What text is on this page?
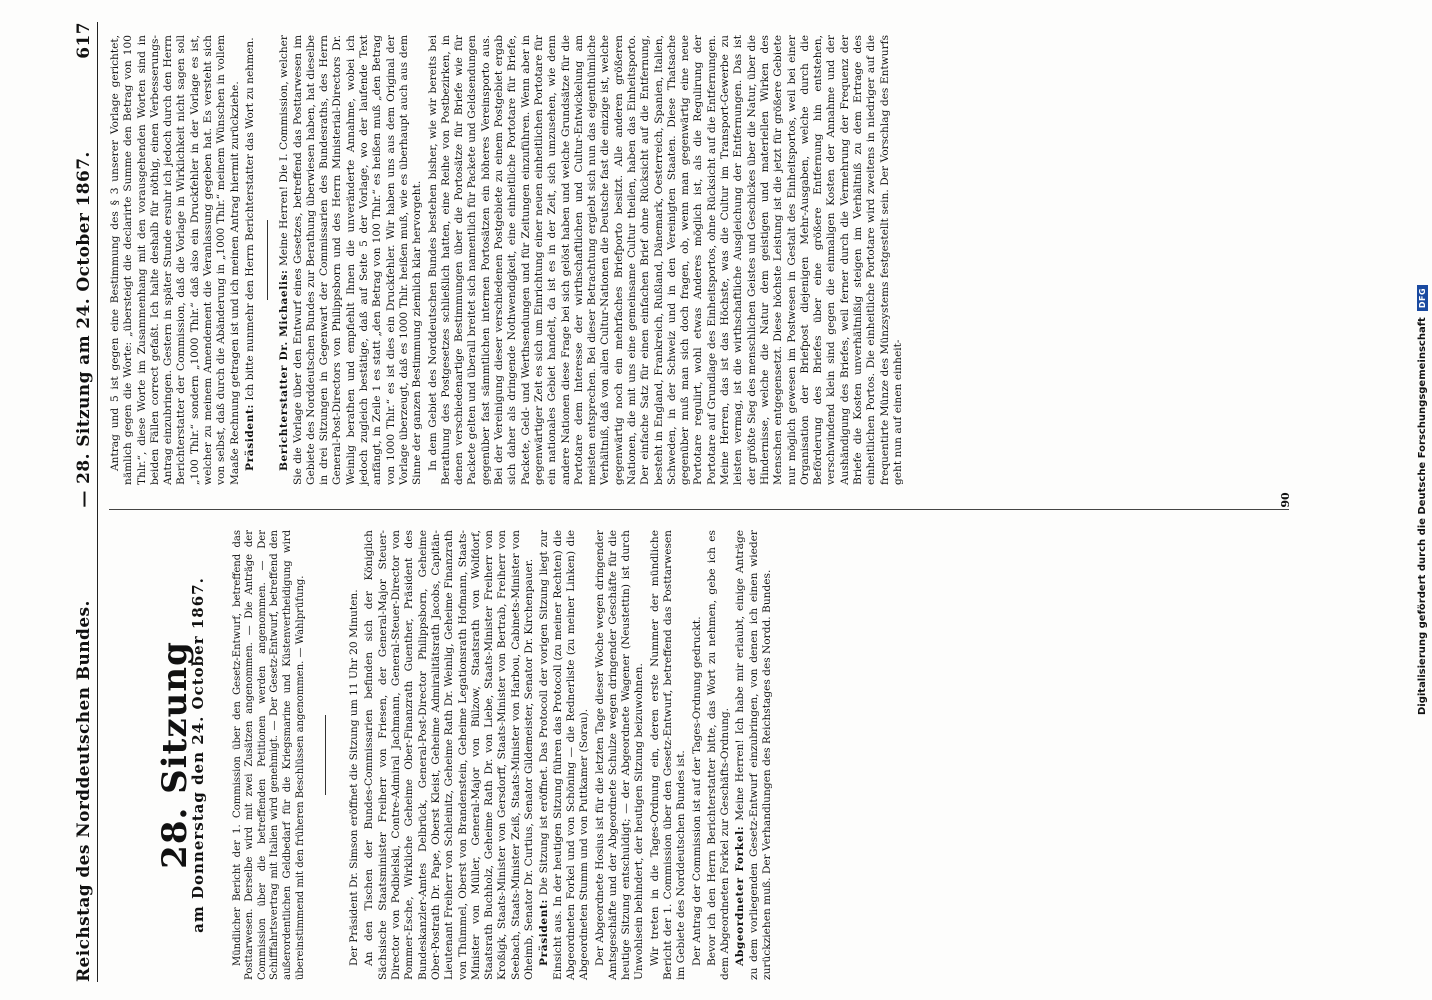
Reichstag des Norddeutschen Bundes.
— 28. Sitzung am 24. October 1867.
617
28. Sitzung
am Donnerstag den 24. October 1867. Mündlicher Bericht der 1. Commission über den Gesetz-Entwurf, betreffend das Posttarwesen. Derselbe wird mit zwei Zusätzen angenommen. — Die Anträge der Commission über die betreffenden Petitionen werden angenommen. — Der Schifffahrtsvertrag mit Italien wird genehmigt. — Der Gesetz-Entwurf, betreffend den außerordentlichen Geldbedarf für die Kriegsmarine und Küstenvertheidigung wird übereinstimmend mit den früheren Beschlüssen angenommen. — Wahlprüfung.	Der Präsident Dr. Simson eröffnet die Sitzung um 11 Uhr 20 Minuten. An den Tischen der Bundes-Commissarien befinden sich der Königlich Sächsische Staatsminister Freiherr von Friesen, der General-Major Steuer-Director von Podbielski, Contre-Admiral Jachmann, General-Steuer-Director von Pommer-Esche, Wirkliche Geheime Ober-Finanzrath Guenther, Präsident des Bundeskanzler-Amtes Delbrück, General-Post-Director Philippsborn, Geheime Ober-Postrath Dr. Pape, Oberst Kleist, Geheime Admiralitätsrath Jacobs, Capitän-Lieutenant Freiherr von Schleinitz, Geheime Rath Dr. Weinlig, Geheime Finanzrath von Thümmel, Oberst von Brandenstein, Geheime Legationsrath Hofmann, Staats-Minister von Müller, General-Major von Bülzow, Staatsrath von Wolfdorf, Staatsrath Buchholz, Geheime Rath Dr. von Liebe, Staats-Minister Freiherr von Kroßigk, Staats-Minister von Gersdorff, Staats-Minister von Bertrab, Freiherr von Seebach, Staats-Minister Zeiß, Staats-Minister von Harbou, Cabinets-Minister von Oheimb, Senator Dr. Curtius, Senator Gildemeister, Senator Dr. Kirchenpauer. Präsident: Die Sitzung ist eröffnet. Das Protocoll der vorigen Sitzung liegt zur Einsicht aus. In der heutigen Sitzung führen das Protocoll (zu meiner Rechten) die Abgeordneten Forkel und von Schöning — die Rednerliste (zu meiner Linken) die Abgeordneten Stumm und von Puttkamer (Sorau). Der Abgeordnete Hosius ist für die letzten Tage dieser Woche wegen dringender Amtsgeschäfte und der Abgeordnete Schulze wegen dringender Geschäfte für die heutige Sitzung entschuldigt; — der Abgeordnete Wagener (Neustettin) ist durch Unwohlsein behindert, der heutigen Sitzung beizuwohnen. Wir treten in die Tages-Ordnung ein, deren erste Nummer der mündliche Bericht der 1. Commission über den Gesetz-Entwurf, betreffend das Posttarwesen im Gebiete des Norddeutschen Bundes ist. Der Antrag der Commission ist auf der Tages-Ordnung gedruckt. Bevor ich den Herrn Berichterstatter bitte, das Wort zu nehmen, gebe ich es dem Abgeordneten Forkel zur Geschäfts-Ordnung. Abgeordneter Forkel: Meine Herren! Ich habe mir erlaubt, einige Anträge zu dem vorliegenden Gesetz-Entwurf einzubringen, von denen ich einen wieder zurückziehen muß. Der Verhandlungen des Reichstages des Nordd. Bundes.

Antrag und 5 ist gegen eine Bestimmung des § 3 unserer Vorlage gerichtet, nämlich gegen die Worte: „übersteigt die declarirte Summe den Betrag von 100 Thlr.“, diese Worte im Zusammenhang mit den vorausgehenden Worten sind in beiden Fällen correct gefaßt. Ich halte deshalb für nöthig, einen Verbesserungs-Antrag einzubringen. Gestern in später Stunde ersuhr ich jedoch durch den Herrn Berichterstatter der Commission, daß die Vorlage in Wirklichkeit nicht sagen soll „100 Thlr.“ sondern „1000 Thlr.“ daß also ein Druckfehler in der Vorlage es ist, welcher zu meinem Amendement die Veranlassung gegeben hat. Es versteht sich von selbst, daß durch die Abänderung in „1000 Thlr.“ meinem Wünschen in vollem Maaße Rechnung getragen ist und ich meinen Antrag hiermit zurückziehe. Präsident: Ich bitte nunmehr den Herrn Berichterstatter das Wort zu nehmen. Berichterstatter Dr. Michaelis: Meine Herren! Die I. Commission, welcher Sie die Vorlage über den Entwurf eines Gesetzes, betreffend das Posttarwesen im Gebiete des Norddeutschen Bundes zur Berathung überwiesen haben, hat dieselbe in drei Sitzungen in Gegenwart der Commissarien des Bundesraths, des Herrn General-Post-Directors von Philippsborn und des Herrn Ministerial-Directors Dr. Weinlig berathen und empfiehlt Ihnen die unveränderte Annahme, wobei ich jedoch zugleich bestätige, daß auf Seite 5 der Vorlage, wo der laufende Text anfängt, in Zeile 1 es statt „den Betrag von 100 Thlr.“ es heißen muß „den Betrag von 1000 Thlr.“ es ist dies ein Druckfehler. Wir haben uns aus dem Original der Vorlage überzeugt, daß es 1000 Thlr. heißen muß, wie es überhaupt auch aus dem Sinne der ganzen Bestimmung ziemlich klar hervorgeht. In dem Gebiet des Norddeutschen Bundes bestehen bisher, wie wir bereits bei Berathung des Postgesetzes schließlich hatten, eine Reihe von Postbezirken, in denen verschiedenartige Bestimmungen über die Portosätze für Briefe wie für Packete gelten und überall breitet sich namentlich für Packete und Geldsendungen gegenüber fast sämmtlichen internen Portosätzen ein höheres Vereinsporto aus. Bei der Vereinigung dieser verschiedenen Postgebiete zu einem Postgebiet ergab sich daher als dringende Nothwendigkeit, eine einheitliche Portotare für Briefe, Packete, Geld- und Werthsendungen und für Zeitungen einzuführen. Wenn aber in gegenwärtiger Zeit es sich um Einrichtung einer neuen einheitlichen Portotare für ein nationales Gebiet handelt, da ist es in der Zeit, sich umzusehen, wie denn andere Nationen diese Frage bei sich gelöst haben und welche Grundsätze für die Portotare dem Interesse der wirthschaftlichen und Cultur-Entwickelung am meisten entsprechen. Bei dieser Betrachtung ergiebt sich nun das eigenthümliche Verhältniß, daß von allen Cultur-Nationen die Deutsche fast die einzige ist, welche gegenwärtig noch ein mehrfaches Briefporto besitzt. Alle anderen größeren Nationen, die mit uns eine gemeinsame Cultur theilen, haben das Einheitsporto. Der einfache Satz für einen einfachen Brief ohne Rücksicht auf die Entfernung, besteht in England, Frankreich, Rußland, Dänemark, Oesterreich, Spanien, Italien, Schweden, in der Schweiz und in den Vereinigten Staaten. Diese Thatsache gegenüber muß man sich doch fragen, ob, wenn man gegenwärtig eine neue Portotare regulirt, wohl etwas Anderes möglich ist, als die Regulirung der Portotare auf Grundlage des Einheitsportos, ohne Rücksicht auf die Entfernungen. Meine Herren, das ist das Höchste, was die Cultur im Transport-Gewerbe zu leisten vermag, ist die wirthschaftliche Ausgleichung der Entfernungen. Das ist der größte Sieg des menschlichen Geistes und Geschickes über die Natur, über die Hindernisse, welche die Natur dem geistigen und materiellen Wirken des Menschen entgegensetzt. Diese höchste Leistung ist die jetzt für größere Gebiete nur möglich gewesen im Postwesen in Gestalt des Einheitsportos, weil bei einer Organisation der Briefpost diejenigen Mehr-Ausgaben, welche durch die Beförderung des Briefes über eine größere Entfernung hin entstehen, verschwindend klein sind gegen die einmaligen Kosten der Annahme und der Aushändigung des Briefes, weil ferner durch die Vermehrung der Frequenz der Briefe die Kosten unverhältnißig steigen im Verhältniß zu dem Ertrage des einheitlichen Portos. Die einheitliche Portotare wird zweitens in niedriger auf die frequentirte Münze des Münzsystems festgestellt sein. Der Vorschlag des Entwurfs geht nun auf einen einheit-

90	Digitalisierung gefördert durch die Deutsche Forschungsgemeinschaft
DFG
